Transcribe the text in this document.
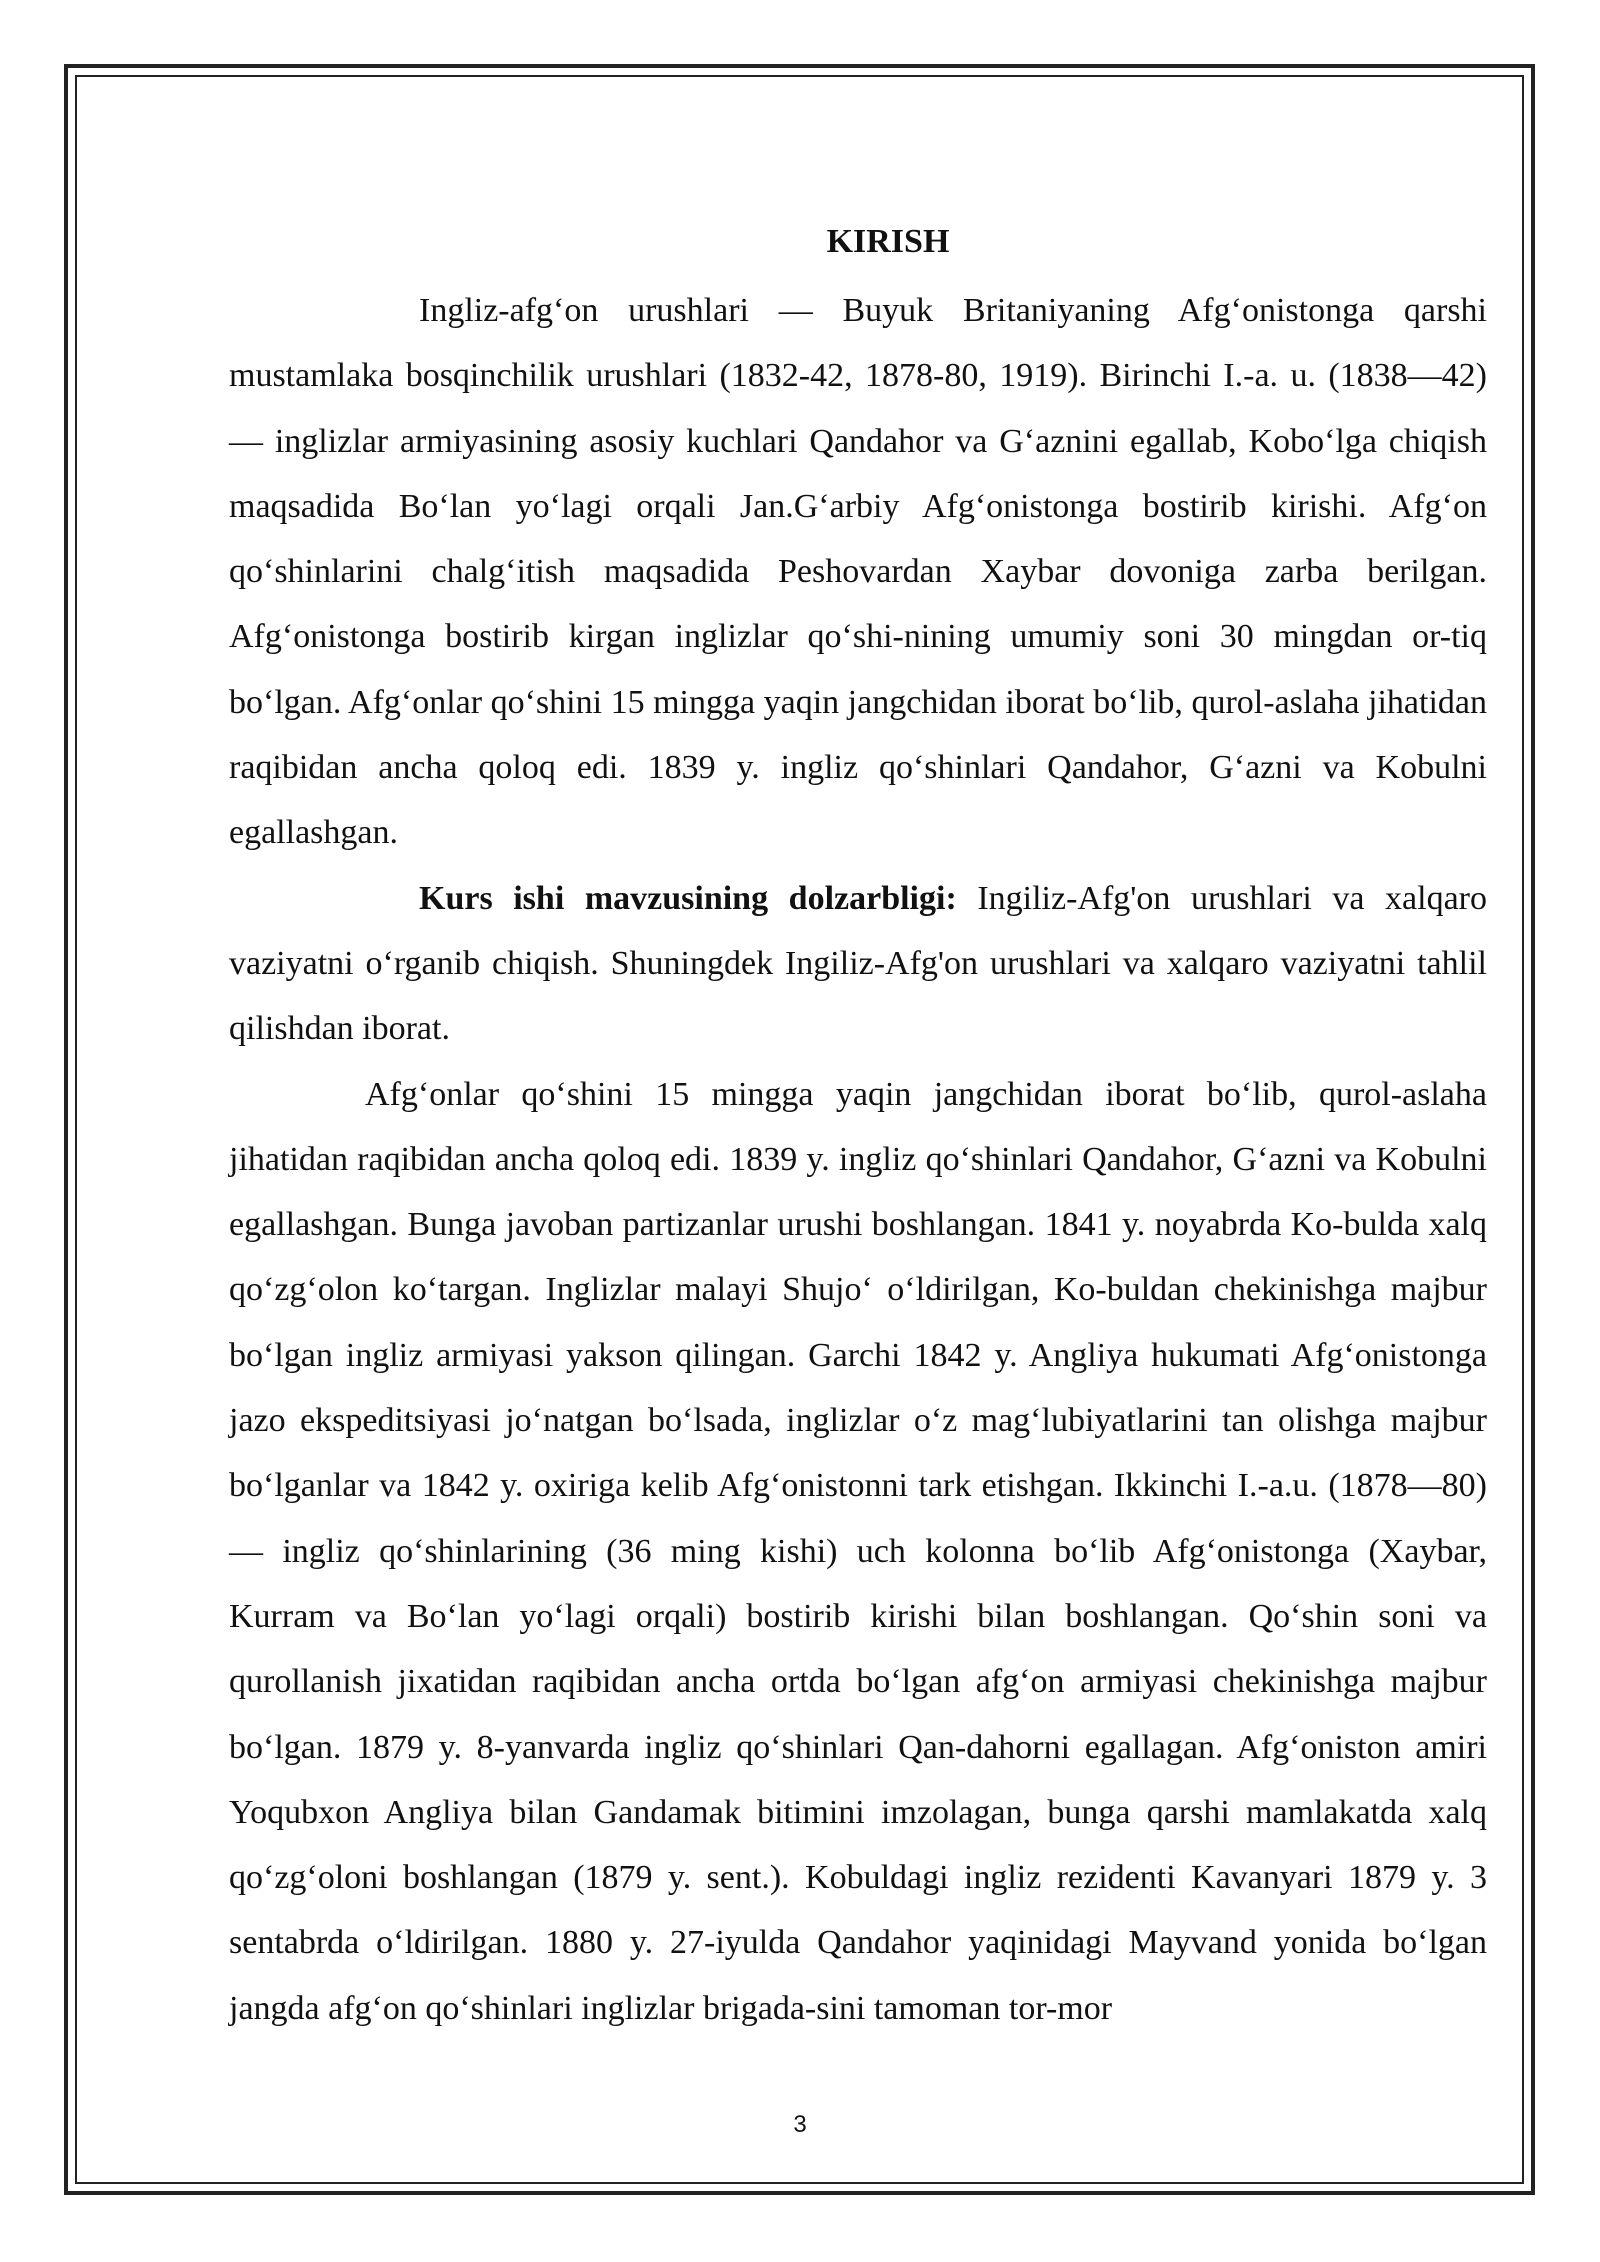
KIRISH

Ingliz-afg‘on urushlari — Buyuk Britaniyaning Afg‘onistonga qarshi mustamlaka bosqinchilik urushlari (1832-42, 1878-80, 1919). Birinchi I.-a. u. (1838—42) — inglizlar armiyasining asosiy kuchlari Qandahor va G‘aznini egallab, Kobo‘lga chiqish maqsadida Bo‘lan yo‘lagi orqali Jan.G‘arbiy Afg‘onistonga bostirib kirishi. Afg‘on qo‘shinlarini chalg‘itish maqsadida Peshovardan Xaybar dovoniga zarba berilgan. Afg‘onistonga bostirib kirgan inglizlar qo‘shi-nining umumiy soni 30 mingdan or-tiq bo‘lgan. Afg‘onlar qo‘shini 15 mingga yaqin jangchidan iborat bo‘lib, qurol-aslaha jihatidan raqibidan ancha qoloq edi. 1839 y. ingliz qo‘shinlari Qandahor, G‘azni va Kobulni egallashgan.

Kurs ishi mavzusining dolzarbligi: Ingiliz-Afg'on urushlari va xalqaro vaziyatni o‘rganib chiqish. Shuningdek Ingiliz-Afg'on urushlari va xalqaro vaziyatni tahlil qilishdan iborat.

Afg‘onlar qo‘shini 15 mingga yaqin jangchidan iborat bo‘lib, qurol-aslaha jihatidan raqibidan ancha qoloq edi. 1839 y. ingliz qo‘shinlari Qandahor, G‘azni va Kobulni egallashgan. Bunga javoban partizanlar urushi boshlangan. 1841 y. noyabrda Ko-bulda xalq qo‘zg‘olon ko‘targan. Inglizlar malayi Shujo‘ o‘ldirilgan, Ko-buldan chekinishga majbur bo‘lgan ingliz armiyasi yakson qilingan. Garchi 1842 y. Angliya hukumati Afg‘onistonga jazo ekspeditsiyasi jo‘natgan bo‘lsada, inglizlar o‘z mag‘lubiyatlarini tan olishga majbur bo‘lganlar va 1842 y. oxiriga kelib Afg‘onistonni tark etishgan. Ikkinchi I.-a.u. (1878—80) — ingliz qo‘shinlarining (36 ming kishi) uch kolonna bo‘lib Afg‘onistonga (Xaybar, Kurram va Bo‘lan yo‘lagi orqali) bostirib kirishi bilan boshlangan. Qo‘shin soni va qurollanish jixatidan raqibidan ancha ortda bo‘lgan afg‘on armiyasi chekinishga majbur bo‘lgan. 1879 y. 8-yanvarda ingliz qo‘shinlari Qan-dahorni egallagan. Afg‘oniston amiri Yoqubxon Angliya bilan Gandamak bitimini imzolagan, bunga qarshi mamlakatda xalq qo‘zg‘oloni boshlangan (1879 y. sent.). Kobuldagi ingliz rezidenti Kavanyari 1879 y. 3 sentabrda o‘ldirilgan. 1880 y. 27-iyulda Qandahor yaqinidagi Mayvand yonida bo‘lgan jangda afg‘on qo‘shinlari inglizlar brigada-sini tamoman tor-mor

3
